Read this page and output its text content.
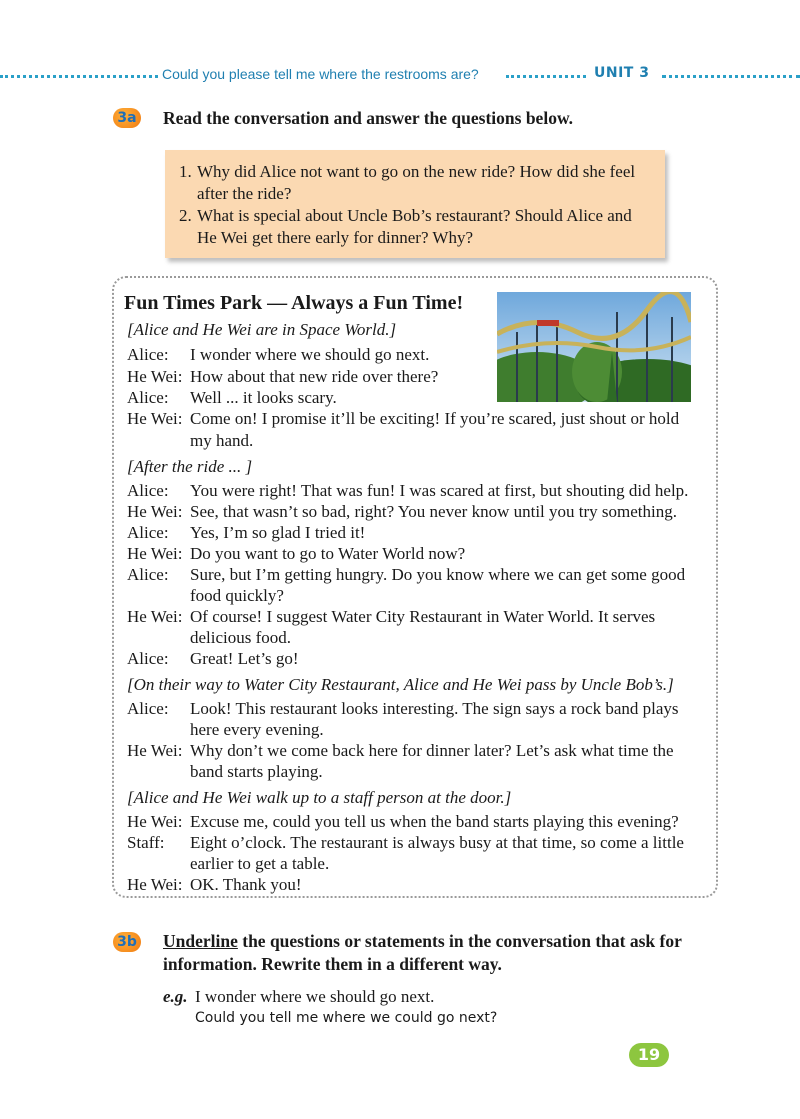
Could you please tell me where the restrooms are?	UNIT 3
3a Read the conversation and answer the questions below.
1. Why did Alice not want to go on the new ride? How did she feel
after the ride?
2. What is special about Uncle Bob’s restaurant? Should Alice and
He Wei get there early for dinner? Why?
Fun Times Park — Always a Fun Time!
[Alice and He Wei are in Space World.]
Alice: I wonder where we should go next.
He Wei: How about that new ride over there?
Alice: Well ... it looks scary.
He Wei: Come on! I promise it’ll be exciting! If you’re scared, just shout or hold
my hand.
[After the ride ... ]
Alice: You were right! That was fun! I was scared at first, but shouting did help.
He Wei: See, that wasn’t so bad, right? You never know until you try something.
Alice: Yes, I’m so glad I tried it!
He Wei: Do you want to go to Water World now?
Alice: Sure, but I’m getting hungry. Do you know where we can get some good
food quickly?
He Wei: Of course! I suggest Water City Restaurant in Water World. It serves
delicious food.
Alice: Great! Let’s go!
[On their way to Water City Restaurant, Alice and He Wei pass by Uncle Bob’s.]
Alice: Look! This restaurant looks interesting. The sign says a rock band plays
here every evening.
He Wei: Why don’t we come back here for dinner later? Let’s ask what time the
band starts playing.
[Alice and He Wei walk up to a staff person at the door.]
He Wei: Excuse me, could you tell us when the band starts playing this evening?
Staff: Eight o’clock. The restaurant is always busy at that time, so come a little
earlier to get a table.
He Wei: OK. Thank you!
3b Underline the questions or statements in the conversation that ask for
information. Rewrite them in a different way.
e.g. I wonder where we should go next.
Could you tell me where we could go next?
19
